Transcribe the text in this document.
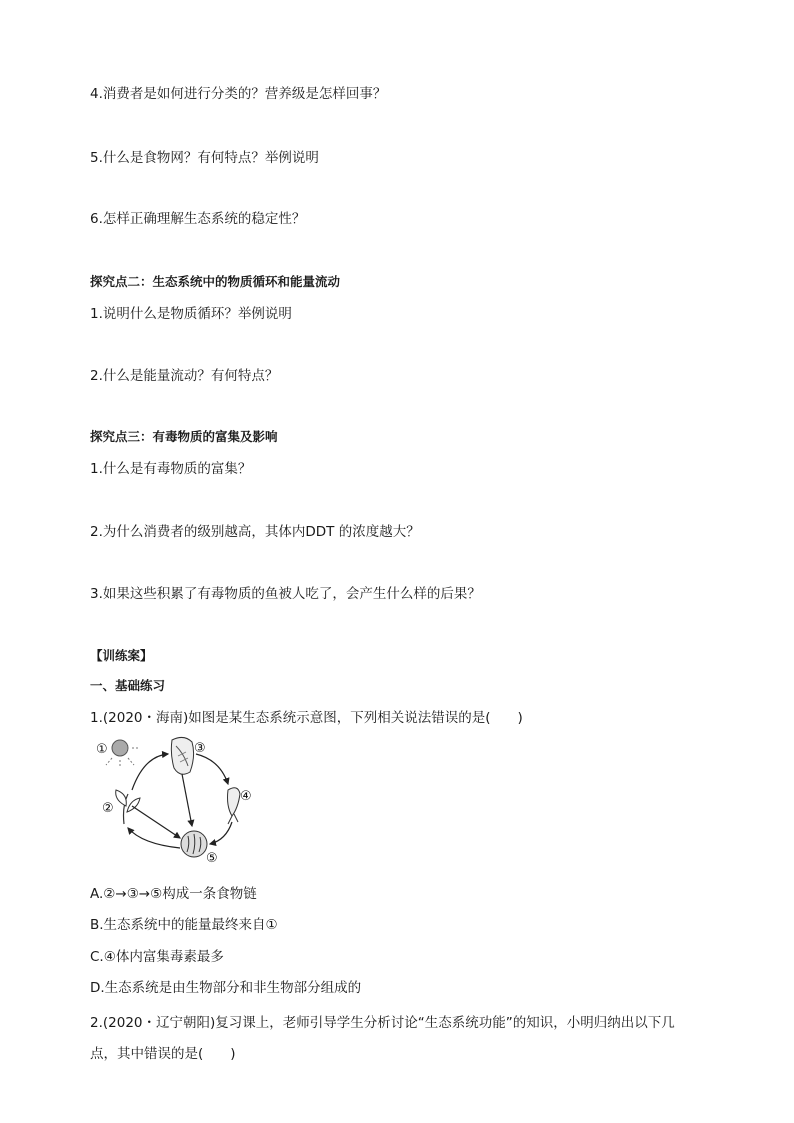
4.消费者是如何进行分类的？营养级是怎样回事？
5.什么是食物网？有何特点？举例说明
6.怎样正确理解生态系统的稳定性？
探究点二：生态系统中的物质循环和能量流动
1.说明什么是物质循环？举例说明
2.什么是能量流动？有何特点？
探究点三：有毒物质的富集及影响
1.什么是有毒物质的富集？
2.为什么消费者的级别越高，其体内DDT 的浓度越大？
3.如果这些积累了有毒物质的鱼被人吃了，会产生什么样的后果？
【训练案】
一、基础练习
1.(2020・海南)如图是某生态系统示意图，下列相关说法错误的是(　　)
①
②
③
④
⑤
A.②→③→⑤构成一条食物链
B.生态系统中的能量最终来自①
C.④体内富集毒素最多
D.生态系统是由生物部分和非生物部分组成的
2.(2020・辽宁朝阳)复习课上，老师引导学生分析讨论“生态系统功能”的知识，小明归纳出以下几
点，其中错误的是(　　)
